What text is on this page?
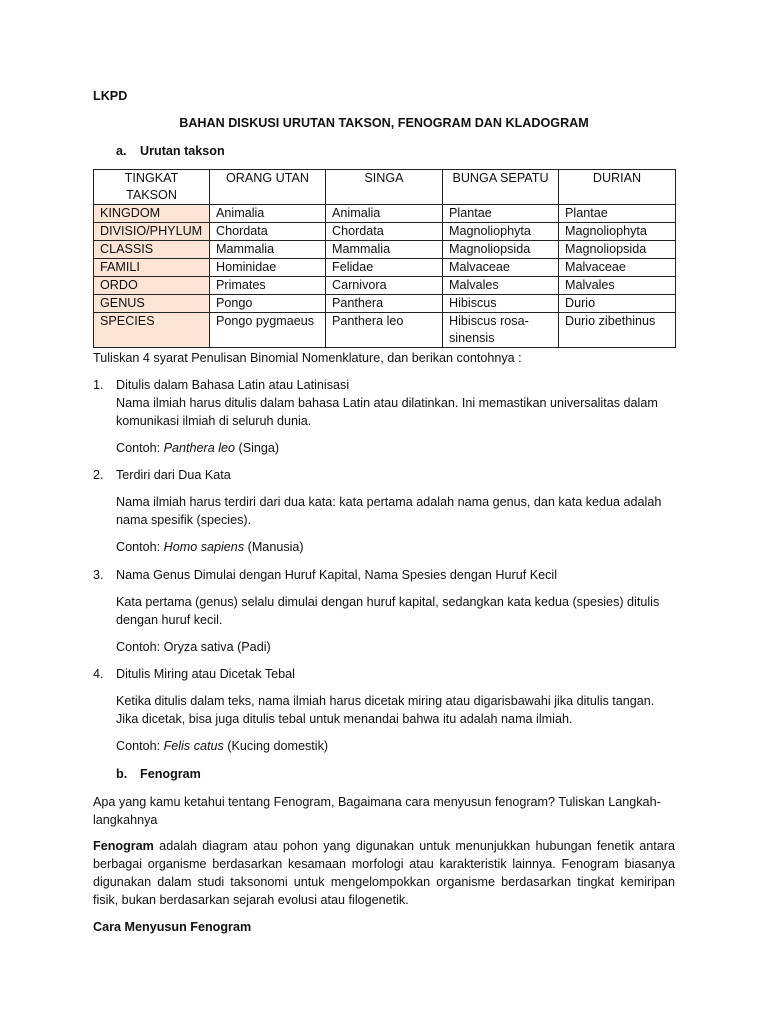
LKPD
BAHAN DISKUSI URUTAN TAKSON, FENOGRAM DAN KLADOGRAM
a. Urutan takson
TINGKAT TAKSON	ORANG UTAN	SINGA	BUNGA SEPATU	DURIAN
KINGDOM	Animalia	Animalia	Plantae	Plantae
DIVISIO/PHYLUM	Chordata	Chordata	Magnoliophyta	Magnoliophyta
CLASSIS	Mammalia	Mammalia	Magnoliopsida	Magnoliopsida
FAMILI	Hominidae	Felidae	Malvaceae	Malvaceae
ORDO	Primates	Carnivora	Malvales	Malvales
GENUS	Pongo	Panthera	Hibiscus	Durio
SPECIES	Pongo pygmaeus	Panthera leo	Hibiscus rosa-sinensis	Durio zibethinus
Tuliskan 4 syarat Penulisan Binomial Nomenklature, dan berikan contohnya :
1. Ditulis dalam Bahasa Latin atau Latinisasi
Nama ilmiah harus ditulis dalam bahasa Latin atau dilatinkan. Ini memastikan universalitas dalam komunikasi ilmiah di seluruh dunia.
Contoh: Panthera leo (Singa)
2. Terdiri dari Dua Kata
Nama ilmiah harus terdiri dari dua kata: kata pertama adalah nama genus, dan kata kedua adalah nama spesifik (species).
Contoh: Homo sapiens (Manusia)
3. Nama Genus Dimulai dengan Huruf Kapital, Nama Spesies dengan Huruf Kecil
Kata pertama (genus) selalu dimulai dengan huruf kapital, sedangkan kata kedua (spesies) ditulis dengan huruf kecil.
Contoh: Oryza sativa (Padi)
4. Ditulis Miring atau Dicetak Tebal
Ketika ditulis dalam teks, nama ilmiah harus dicetak miring atau digarisbawahi jika ditulis tangan. Jika dicetak, bisa juga ditulis tebal untuk menandai bahwa itu adalah nama ilmiah.
Contoh: Felis catus (Kucing domestik)
b. Fenogram
Apa yang kamu ketahui tentang Fenogram, Bagaimana cara menyusun fenogram? Tuliskan Langkah-langkahnya
Fenogram adalah diagram atau pohon yang digunakan untuk menunjukkan hubungan fenetik antara berbagai organisme berdasarkan kesamaan morfologi atau karakteristik lainnya. Fenogram biasanya digunakan dalam studi taksonomi untuk mengelompokkan organisme berdasarkan tingkat kemiripan fisik, bukan berdasarkan sejarah evolusi atau filogenetik.
Cara Menyusun Fenogram
